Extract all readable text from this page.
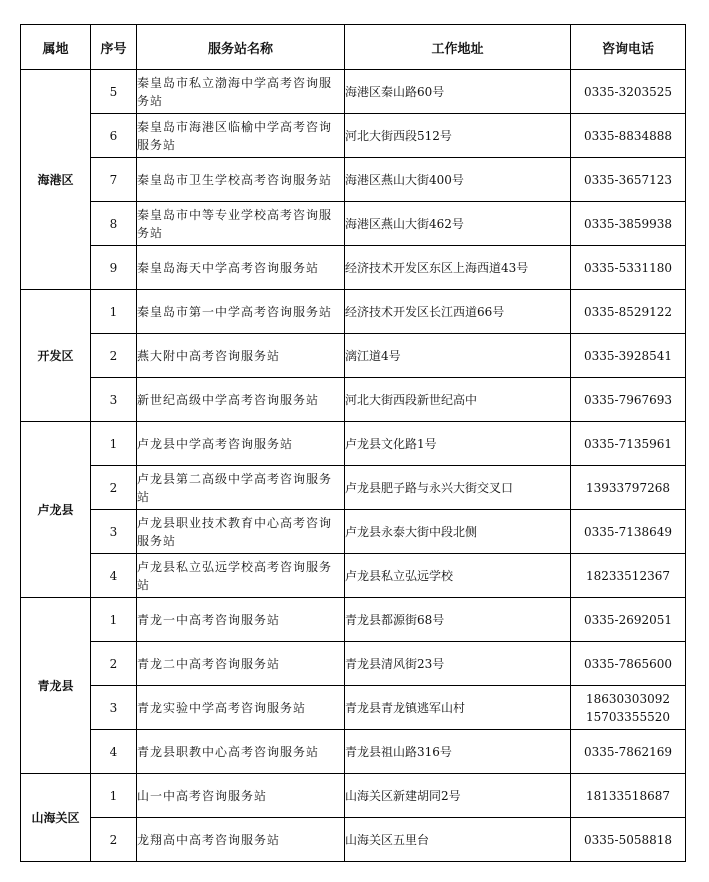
属地	序号	服务站名称	工作地址	咨询电话
海港区	5	秦皇岛市私立渤海中学高考咨询服务站	海港区秦山路60号	0335-3203525

	6	秦皇岛市海港区临榆中学高考咨询服务站	河北大街西段512号	0335-8834888

	7	秦皇岛市卫生学校高考咨询服务站	海港区燕山大街400号	0335-3657123

	8	秦皇岛市中等专业学校高考咨询服务站	海港区燕山大街462号	0335-3859938

	9	秦皇岛海天中学高考咨询服务站	经济技术开发区东区上海西道43号	0335-5331180

开发区	1	秦皇岛市第一中学高考咨询服务站	经济技术开发区长江西道66号	0335-8529122

	2	燕大附中高考咨询服务站	漓江道4号	0335-3928541

	3	新世纪高级中学高考咨询服务站	河北大街西段新世纪高中	0335-7967693

卢龙县	1	卢龙县中学高考咨询服务站	卢龙县文化路1号	0335-7135961

	2	卢龙县第二高级中学高考咨询服务站	卢龙县肥子路与永兴大街交叉口	13933797268

	3	卢龙县职业技术教育中心高考咨询服务站	卢龙县永泰大街中段北侧	0335-7138649

	4	卢龙县私立弘远学校高考咨询服务站	卢龙县私立弘远学校	18233512367

青龙县	1	青龙一中高考咨询服务站	青龙县都源街68号	0335-2692051

	2	青龙二中高考咨询服务站	青龙县清风街23号	0335-7865600

	3	青龙实验中学高考咨询服务站	青龙县青龙镇逃军山村	18630303092
15703355520

	4	青龙县职教中心高考咨询服务站	青龙县祖山路316号	0335-7862169

山海关区	1	山一中高考咨询服务站	山海关区新建胡同2号	18133518687

	2	龙翔高中高考咨询服务站	山海关区五里台	0335-5058818
